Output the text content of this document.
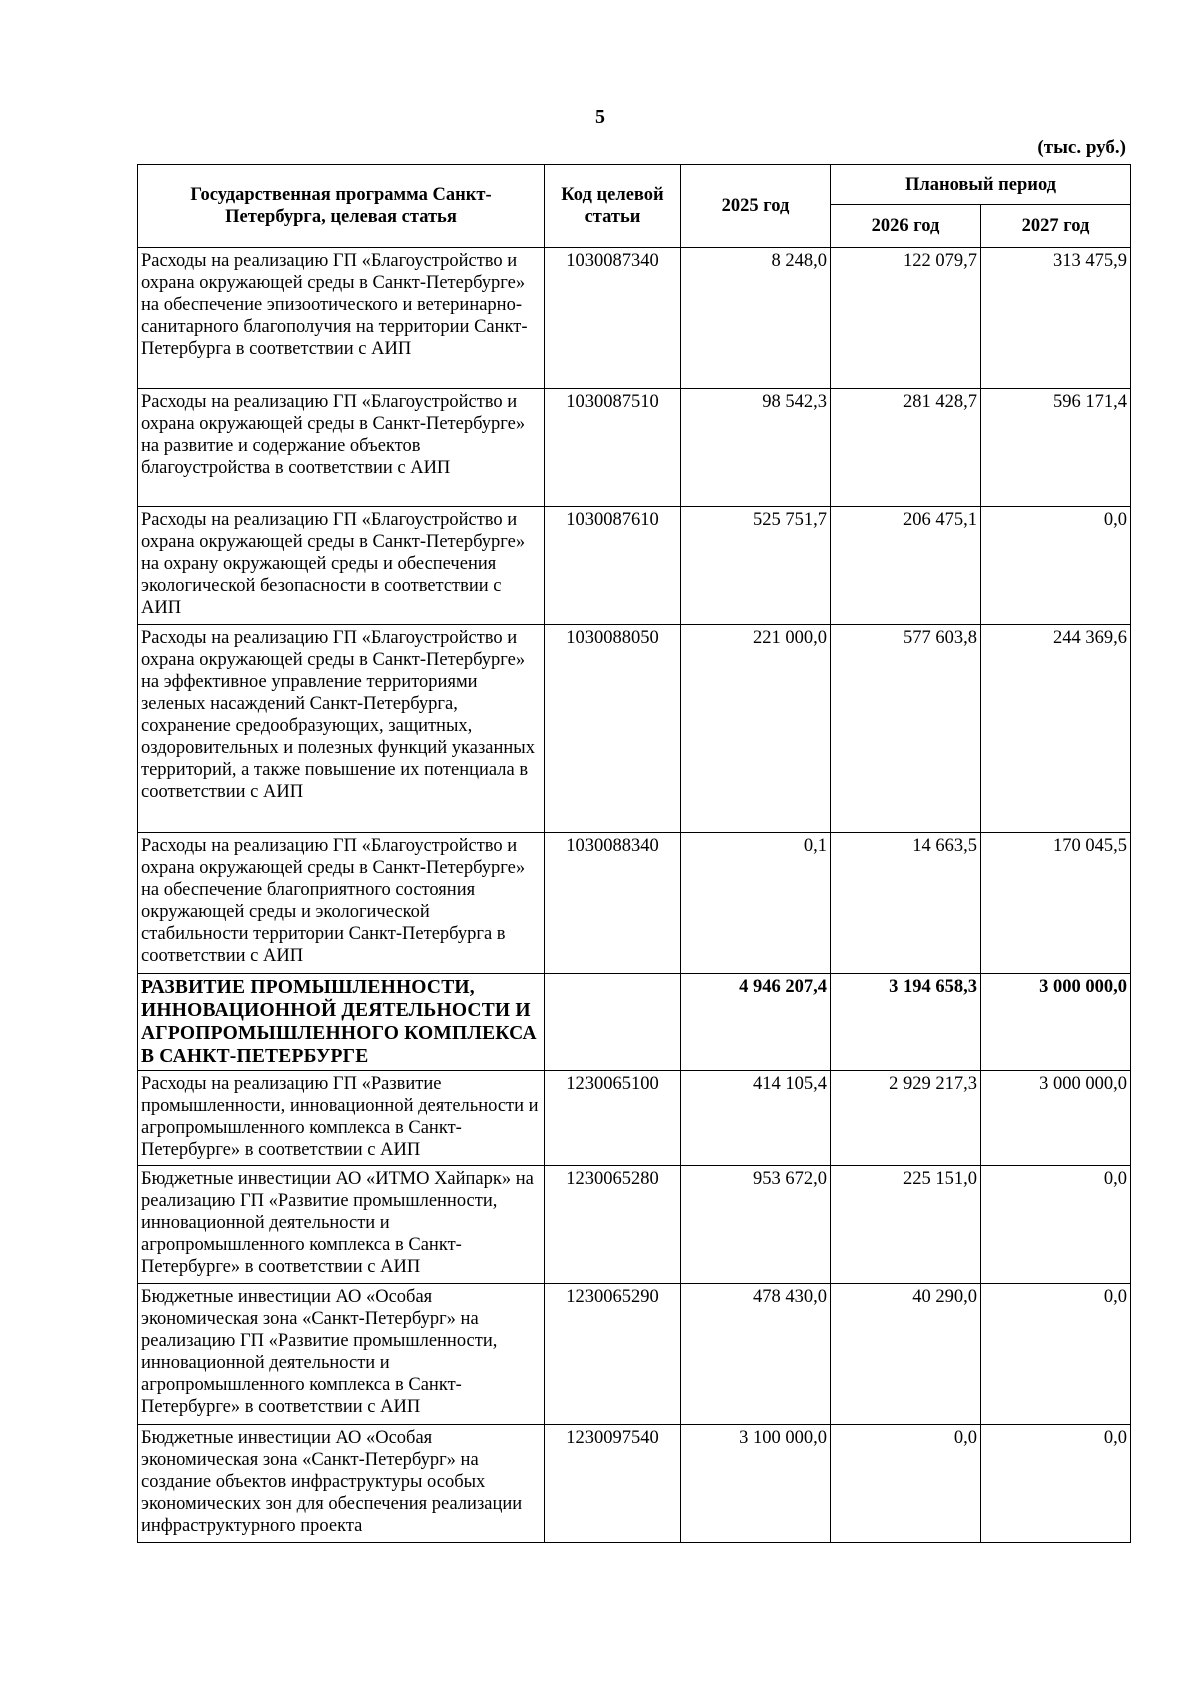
5
(тыс. руб.)
Государственная программа Санкт-Петербурга, целевая статья	Код целевой статьи	2025 год	Плановый период	
			2026 год	2027 год
Расходы на реализацию ГП «Благоустройство и охрана окружающей среды в Санкт-Петербурге» на обеспечение эпизоотического и ветеринарно-санитарного благополучия на территории Санкт-Петербурга в соответствии с АИП	1030087340	8 248,0	122 079,7	313 475,9
Расходы на реализацию ГП «Благоустройство и охрана окружающей среды в Санкт-Петербурге» на развитие и содержание объектов благоустройства в соответствии с АИП	1030087510	98 542,3	281 428,7	596 171,4
Расходы на реализацию ГП «Благоустройство и охрана окружающей среды в Санкт-Петербурге» на охрану окружающей среды и обеспечения экологической безопасности в соответствии с АИП	1030087610	525 751,7	206 475,1	0,0
Расходы на реализацию ГП «Благоустройство и охрана окружающей среды в Санкт-Петербурге» на эффективное управление территориями зеленых насаждений Санкт-Петербурга, сохранение средообразующих, защитных, оздоровительных и полезных функций указанных территорий, а также повышение их потенциала в соответствии с АИП	1030088050	221 000,0	577 603,8	244 369,6
Расходы на реализацию ГП «Благоустройство и охрана окружающей среды в Санкт-Петербурге» на обеспечение благоприятного состояния окружающей среды и экологической стабильности территории Санкт-Петербурга в соответствии с АИП	1030088340	0,1	14 663,5	170 045,5
РАЗВИТИЕ ПРОМЫШЛЕННОСТИ, ИННОВАЦИОННОЙ ДЕЯТЕЛЬНОСТИ И АГРОПРОМЫШЛЕННОГО КОМПЛЕКСА В САНКТ-ПЕТЕРБУРГЕ		4 946 207,4	3 194 658,3	3 000 000,0
Расходы на реализацию ГП «Развитие промышленности, инновационной деятельности и агропромышленного комплекса в Санкт-Петербурге» в соответствии с АИП	1230065100	414 105,4	2 929 217,3	3 000 000,0
Бюджетные инвестиции АО «ИТМО Хайпарк» на реализацию ГП «Развитие промышленности, инновационной деятельности и агропромышленного комплекса в Санкт-Петербурге» в соответствии с АИП	1230065280	953 672,0	225 151,0	0,0
Бюджетные инвестиции АО «Особая экономическая зона «Санкт-Петербург» на реализацию ГП «Развитие промышленности, инновационной деятельности и агропромышленного комплекса в Санкт-Петербурге» в соответствии с АИП	1230065290	478 430,0	40 290,0	0,0
Бюджетные инвестиции АО «Особая экономическая зона «Санкт-Петербург» на создание объектов инфраструктуры особых экономических зон для обеспечения реализации инфраструктурного проекта	1230097540	3 100 000,0	0,0	0,0
